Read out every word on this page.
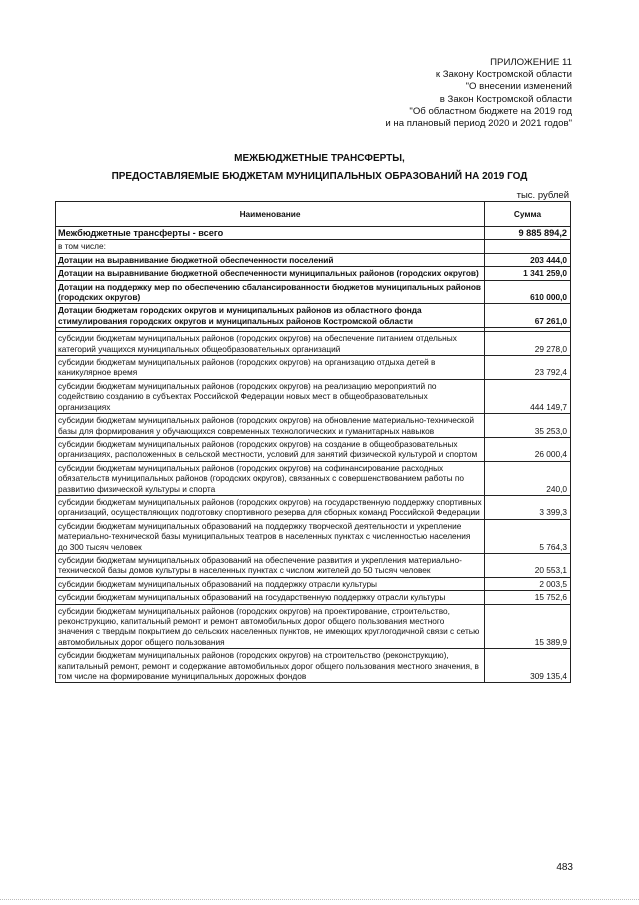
ПРИЛОЖЕНИЕ 11
к Закону Костромской области
"О внесении изменений
в Закон Костромской области
"Об областном бюджете на 2019 год
и на плановый период 2020 и 2021 годов"
МЕЖБЮДЖЕТНЫЕ ТРАНСФЕРТЫ,
ПРЕДОСТАВЛЯЕМЫЕ БЮДЖЕТАМ МУНИЦИПАЛЬНЫХ ОБРАЗОВАНИЙ НА 2019 ГОД
тыс. рублей
Наименование	Сумма
Межбюджетные трансферты - всего	9 885 894,2
в том числе:	
Дотации на выравнивание бюджетной обеспеченности поселений	203 444,0
Дотации на выравнивание бюджетной обеспеченности муниципальных районов (городских округов)	1 341 259,0
Дотации на поддержку мер по обеспечению сбалансированности бюджетов муниципальных районов (городских округов)	610 000,0
Дотации бюджетам городских округов и муниципальных районов из областного фонда стимулирования городских округов и муниципальных районов Костромской области	67 261,0

субсидии бюджетам муниципальных районов (городских округов) на обеспечение питанием отдельных категорий учащихся муниципальных общеобразовательных организаций	29 278,0
субсидии бюджетам муниципальных районов (городских округов) на организацию отдыха детей в каникулярное время	23 792,4
субсидии бюджетам муниципальных районов (городских округов) на реализацию мероприятий по содействию созданию в субъектах Российской Федерации новых мест в общеобразовательных организациях	444 149,7
субсидии бюджетам муниципальных районов (городских округов) на обновление материально-технической базы для формирования у обучающихся современных технологических и гуманитарных навыков	35 253,0
субсидии бюджетам муниципальных районов (городских округов) на создание в общеобразовательных организациях, расположенных в сельской местности, условий для занятий физической культурой и спортом	26 000,4
субсидии бюджетам муниципальных районов (городских округов) на софинансирование расходных обязательств муниципальных районов (городских округов), связанных с совершенствованием работы по развитию физической культуры и спорта	240,0
субсидии бюджетам муниципальных районов (городских округов) на государственную поддержку спортивных организаций, осуществляющих подготовку спортивного резерва для сборных команд Российской Федерации	3 399,3
субсидии бюджетам муниципальных образований на поддержку творческой деятельности и укрепление материально-технической базы муниципальных театров в населенных пунктах с численностью населения до 300 тысяч человек	5 764,3
субсидии бюджетам муниципальных образований на обеспечение развития и укрепления материально-технической базы домов культуры в населенных пунктах с числом жителей до 50 тысяч человек	20 553,1
субсидии бюджетам муниципальных образований на поддержку отрасли культуры	2 003,5
субсидии бюджетам муниципальных образований на государственную поддержку отрасли культуры	15 752,6
субсидии бюджетам муниципальных районов (городских округов) на проектирование, строительство, реконструкцию, капитальный ремонт и ремонт автомобильных дорог общего пользования местного значения с твердым покрытием до сельских населенных пунктов, не имеющих круглогодичной связи с сетью автомобильных дорог общего пользования	15 389,9
субсидии бюджетам муниципальных районов (городских округов) на строительство (реконструкцию), капитальный ремонт, ремонт и содержание автомобильных дорог общего пользования местного значения, в том числе на формирование муниципальных дорожных фондов	309 135,4
483
